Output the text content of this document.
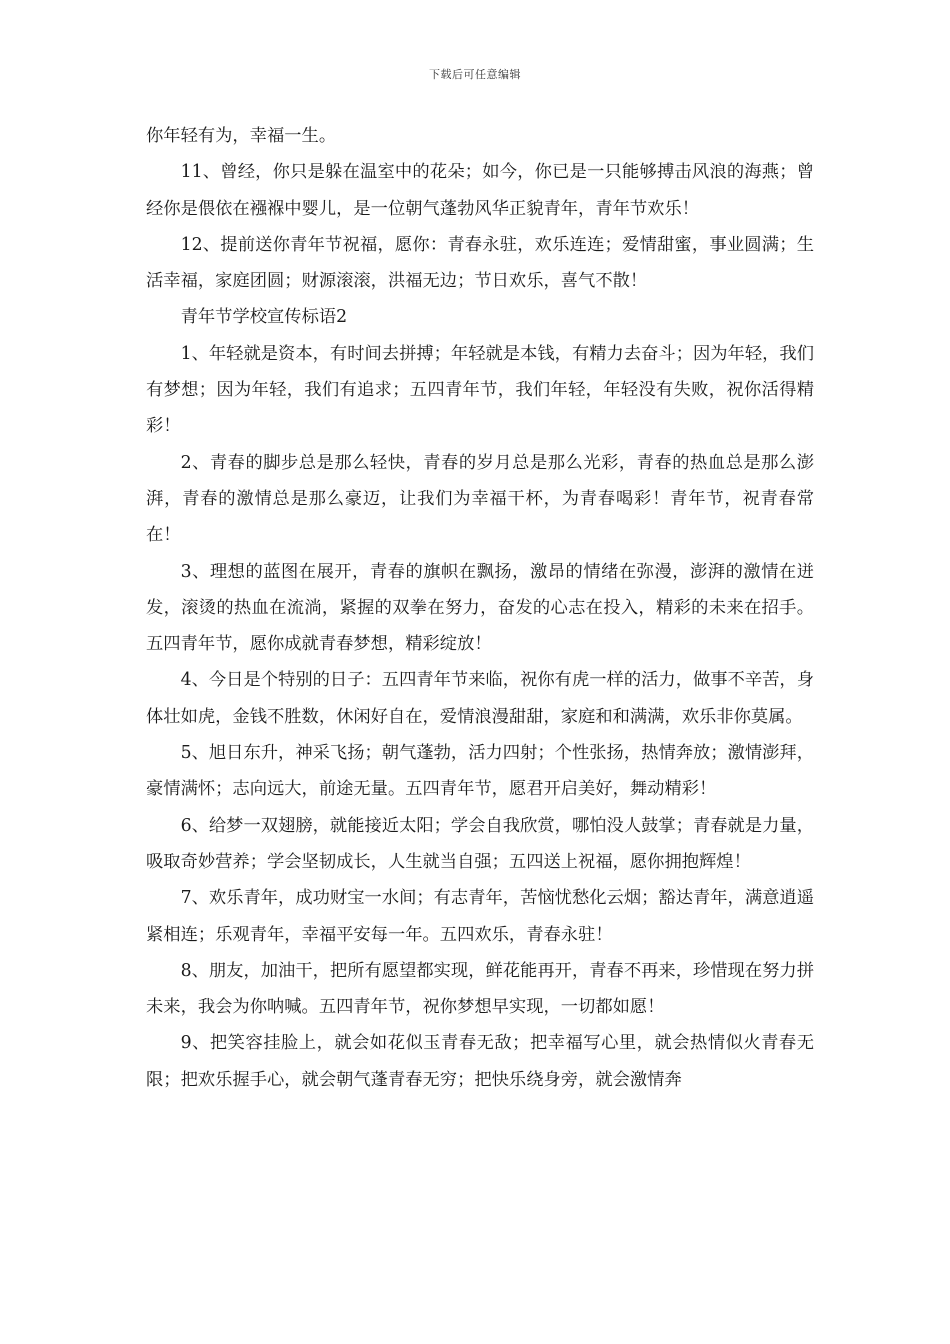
下载后可任意编辑

你年轻有为，幸福一生。

11、曾经，你只是躲在温室中的花朵；如今，你已是一只能够搏击风浪的海燕；曾经你是偎依在襁褓中婴儿，是一位朝气蓬勃风华正貌青年，青年节欢乐！

12、提前送你青年节祝福，愿你：青春永驻，欢乐连连；爱情甜蜜，事业圆满；生活幸福，家庭团圆；财源滚滚，洪福无边；节日欢乐，喜气不散！

青年节学校宣传标语2

1、年轻就是资本，有时间去拼搏；年轻就是本钱，有精力去奋斗；因为年轻，我们有梦想；因为年轻，我们有追求；五四青年节，我们年轻，年轻没有失败，祝你活得精彩！

2、青春的脚步总是那么轻快，青春的岁月总是那么光彩，青春的热血总是那么澎湃，青春的激情总是那么豪迈，让我们为幸福干杯，为青春喝彩！青年节，祝青春常在！

3、理想的蓝图在展开，青春的旗帜在飘扬，激昂的情绪在弥漫，澎湃的激情在迸发，滚烫的热血在流淌，紧握的双拳在努力，奋发的心志在投入，精彩的未来在招手。五四青年节，愿你成就青春梦想，精彩绽放！

4、今日是个特别的日子：五四青年节来临，祝你有虎一样的活力，做事不辛苦，身体壮如虎，金钱不胜数，休闲好自在，爱情浪漫甜甜，家庭和和满满，欢乐非你莫属。

5、旭日东升，神采飞扬；朝气蓬勃，活力四射；个性张扬，热情奔放；激情澎拜，豪情满怀；志向远大，前途无量。五四青年节，愿君开启美好，舞动精彩！

6、给梦一双翅膀，就能接近太阳；学会自我欣赏，哪怕没人鼓掌；青春就是力量，吸取奇妙营养；学会坚韧成长，人生就当自强；五四送上祝福，愿你拥抱辉煌！

7、欢乐青年，成功财宝一水间；有志青年，苦恼忧愁化云烟；豁达青年，满意逍遥紧相连；乐观青年，幸福平安每一年。五四欢乐，青春永驻！

8、朋友，加油干，把所有愿望都实现，鲜花能再开，青春不再来，珍惜现在努力拼未来，我会为你呐喊。五四青年节，祝你梦想早实现，一切都如愿！

9、把笑容挂脸上，就会如花似玉青春无敌；把幸福写心里，就会热情似火青春无限；把欢乐握手心，就会朝气蓬青春无穷；把快乐绕身旁，就会激情奔
